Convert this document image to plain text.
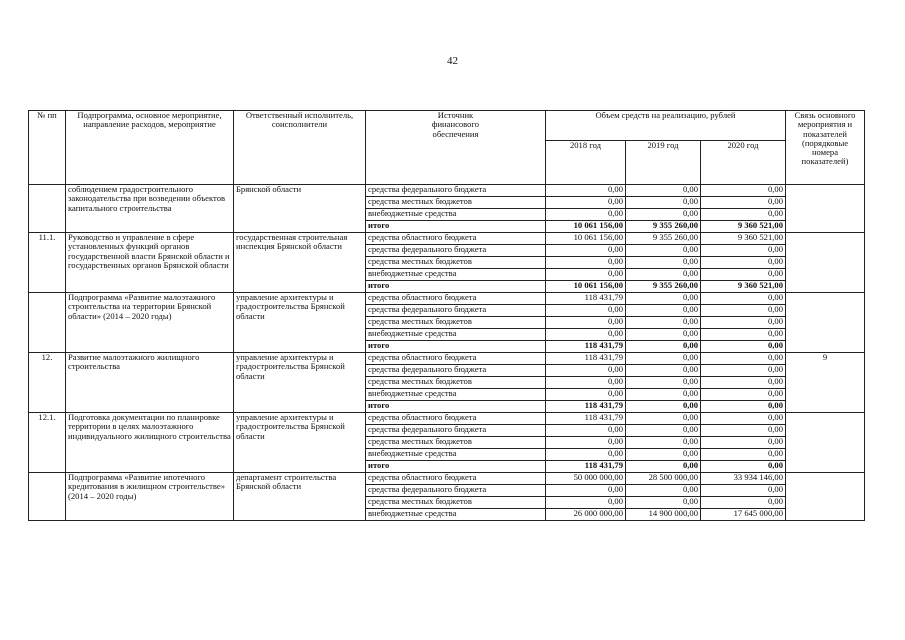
42
№ пп	Подпрограмма, основное мероприятие, направление расходов, мероприятие	Ответственный исполнитель, соисполнители	Источник финансового обеспечения	Объем средств на реализацию, рублей			Связь основного мероприятия и показателей (порядковые номера показателей)
				2018 год	2019 год	2020 год	
	соблюдением градостроительного законодательства при возведении объектов капитального строительства	Брянской области	средства федерального бюджета	0,00	0,00	0,00	
			средства местных бюджетов	0,00	0,00	0,00	
			внебюджетные средства	0,00	0,00	0,00	
			итого	10 061 156,00	9 355 260,00	9 360 521,00	
11.1.	Руководство и управление в сфере установленных функций органов государственной власти Брянской области и государственных органов Брянской области	государственная строительная инспекция Брянской области	средства областного бюджета	10 061 156,00	9 355 260,00	9 360 521,00	
			средства федерального бюджета	0,00	0,00	0,00	
			средства местных бюджетов	0,00	0,00	0,00	
			внебюджетные средства	0,00	0,00	0,00	
			итого	10 061 156,00	9 355 260,00	9 360 521,00	
	Подпрограмма «Развитие малоэтажного строительства на территории Брянской области» (2014 – 2020 годы)	управление архитектуры и градостроительства Брянской области	средства областного бюджета	118 431,79	0,00	0,00	
			средства федерального бюджета	0,00	0,00	0,00	
			средства местных бюджетов	0,00	0,00	0,00	
			внебюджетные средства	0,00	0,00	0,00	
			итого	118 431,79	0,00	0,00	
12.	Развитие малоэтажного жилищного строительства	управление архитектуры и градостроительства Брянской области	средства областного бюджета	118 431,79	0,00	0,00	9
			средства федерального бюджета	0,00	0,00	0,00	
			средства местных бюджетов	0,00	0,00	0,00	
			внебюджетные средства	0,00	0,00	0,00	
			итого	118 431,79	0,00	0,00	
12.1.	Подготовка документации по планировке территории в целях малоэтажного индивидуального жилищного строительства	управление архитектуры и градостроительства Брянской области	средства областного бюджета	118 431,79	0,00	0,00	
			средства федерального бюджета	0,00	0,00	0,00	
			средства местных бюджетов	0,00	0,00	0,00	
			внебюджетные средства	0,00	0,00	0,00	
			итого	118 431,79	0,00	0,00	
	Подпрограмма «Развитие ипотечного кредитования в жилищном строительстве» (2014 – 2020 годы)	департамент строительства Брянской области	средства областного бюджета	50 000 000,00	28 500 000,00	33 934 146,00	
			средства федерального бюджета	0,00	0,00	0,00	
			средства местных бюджетов	0,00	0,00	0,00	
			внебюджетные средства	26 000 000,00	14 900 000,00	17 645 000,00	
